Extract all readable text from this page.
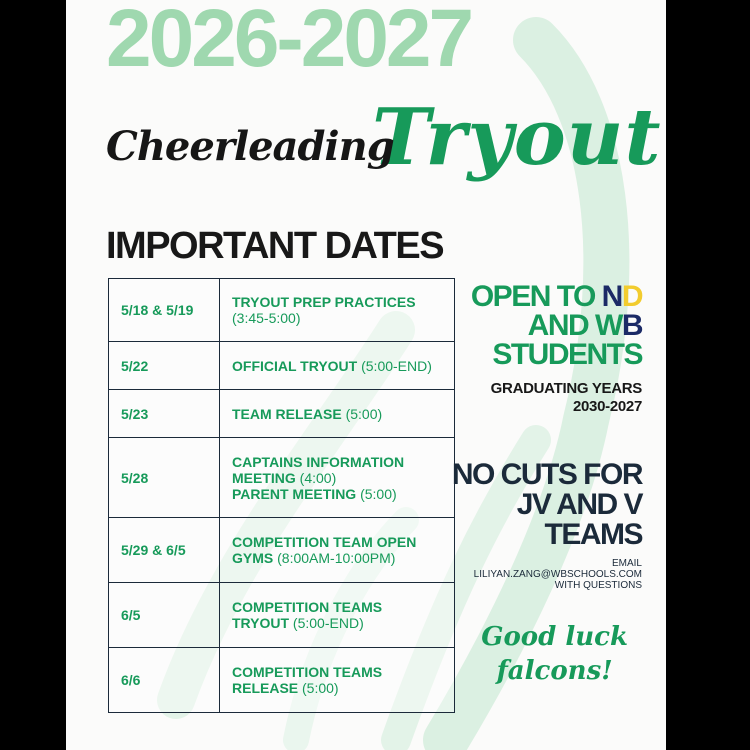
2026-2027
Tryout
Cheerleading
IMPORTANT DATES
5/18 & 5/19	TRYOUT PREP PRACTICES (3:45-5:00)
5/22	OFFICIAL TRYOUT (5:00-END)
5/23	TEAM RELEASE (5:00)
5/28	CAPTAINS INFORMATION MEETING (4:00)
PARENT MEETING (5:00)
5/29 & 6/5	COMPETITION TEAM OPEN GYMS (8:00AM-10:00PM)
6/5	COMPETITION TEAMS TRYOUT (5:00-END)
6/6	COMPETITION TEAMS RELEASE (5:00)
OPEN TO ND
AND WB
STUDENTS
GRADUATING YEARS
2030-2027
NO CUTS FOR
JV AND V
TEAMS
EMAIL
LILIYAN.ZANG@WBSCHOOLS.COM
WITH QUESTIONS
Good luck
falcons!
